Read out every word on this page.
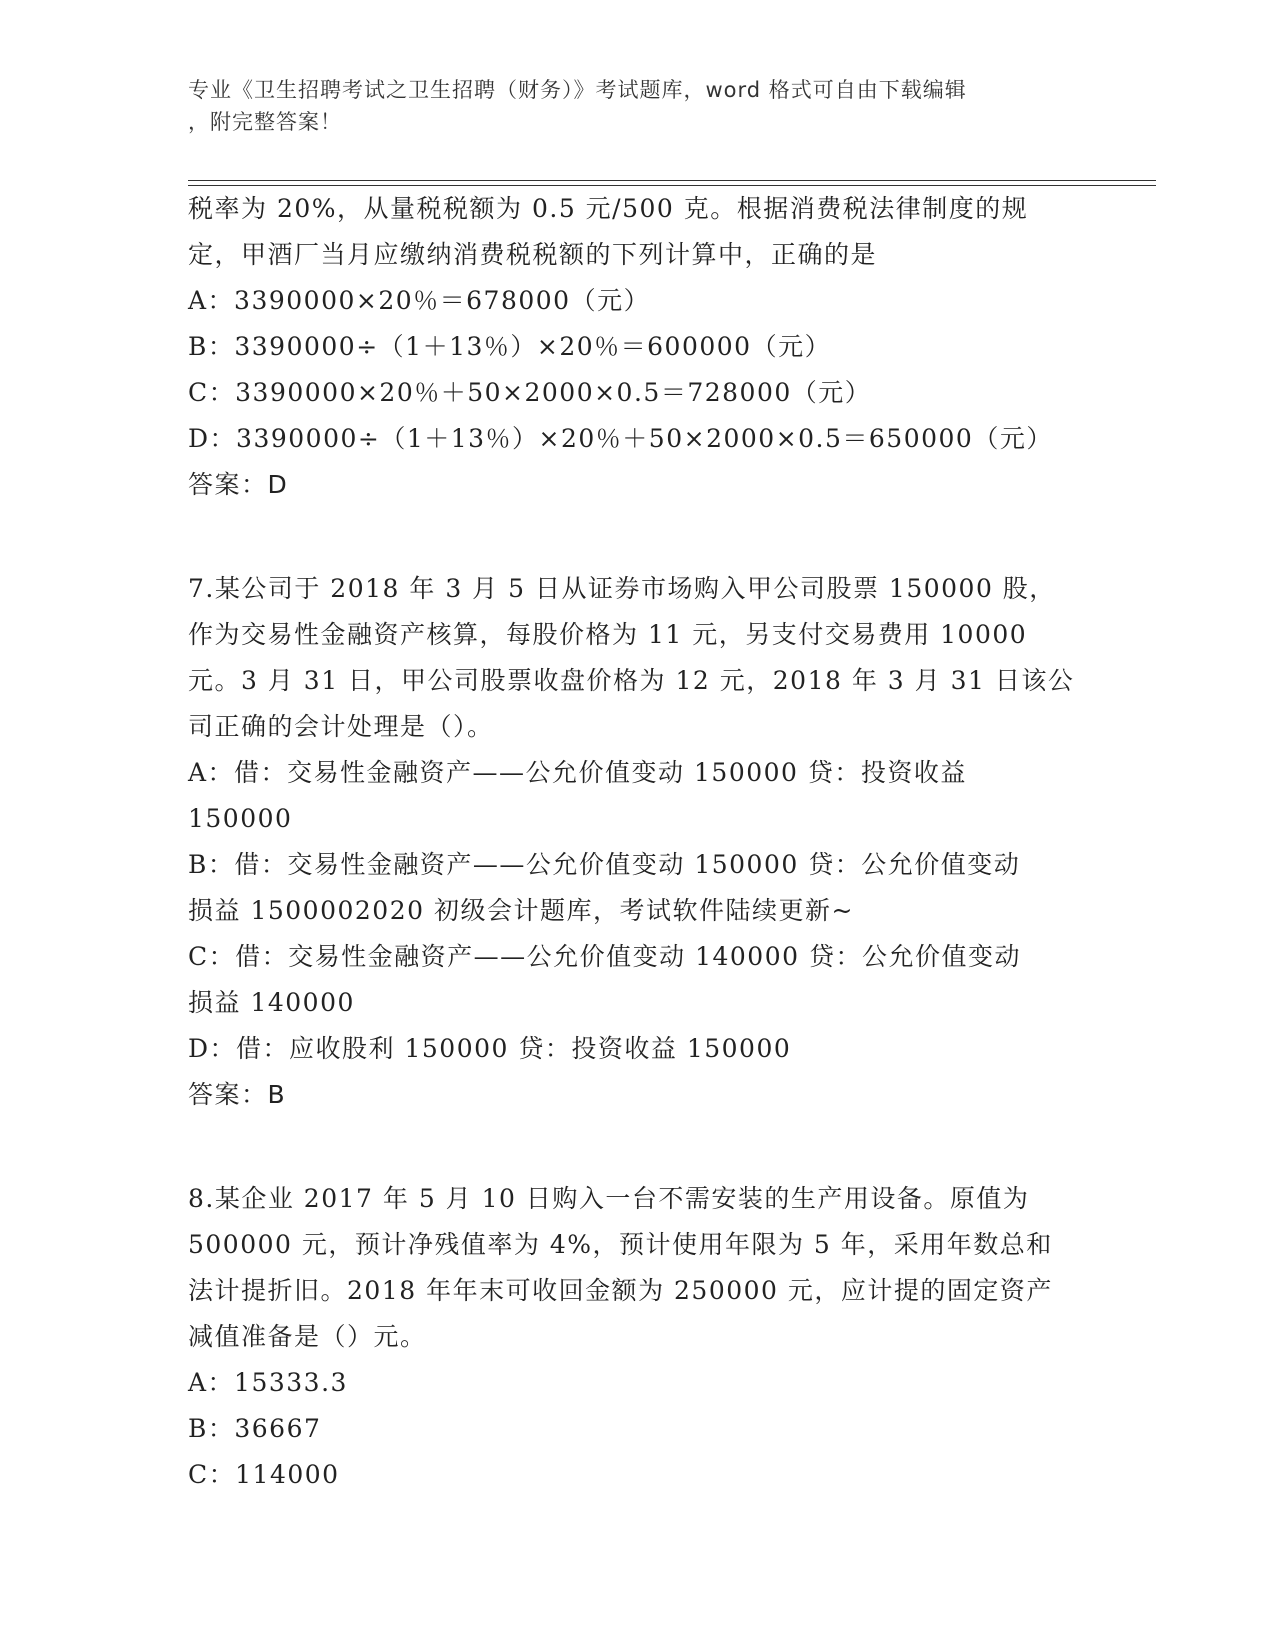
专业《卫生招聘考试之卫生招聘（财务）》考试题库，word 格式可自由下载编辑
，附完整答案！
税率为 20%，从量税税额为 0.5 元/500 克。根据消费税法律制度的规
定，甲酒厂当月应缴纳消费税税额的下列计算中，正确的是
A：3390000×20％＝678000（元）
B：3390000÷（1＋13％）×20％＝600000（元）
C：3390000×20％＋50×2000×0.5＝728000（元）
D：3390000÷（1＋13％）×20％＋50×2000×0.5＝650000（元）
答案：D
7.某公司于 2018 年 3 月 5 日从证券市场购入甲公司股票 150000 股，
作为交易性金融资产核算，每股价格为 11 元，另支付交易费用 10000
元。3 月 31 日，甲公司股票收盘价格为 12 元，2018 年 3 月 31 日该公
司正确的会计处理是（）。
A：借：交易性金融资产——公允价值变动 150000 贷：投资收益
150000
B：借：交易性金融资产——公允价值变动 150000 贷：公允价值变动
损益 1500002020 初级会计题库，考试软件陆续更新~
C：借：交易性金融资产——公允价值变动 140000 贷：公允价值变动
损益 140000
D：借：应收股利 150000 贷：投资收益 150000
答案：B
8.某企业 2017 年 5 月 10 日购入一台不需安装的生产用设备。原值为
500000 元，预计净残值率为 4%，预计使用年限为 5 年，采用年数总和
法计提折旧。2018 年年末可收回金额为 250000 元，应计提的固定资产
减值准备是（）元。
A：15333.3
B：36667
C：114000
